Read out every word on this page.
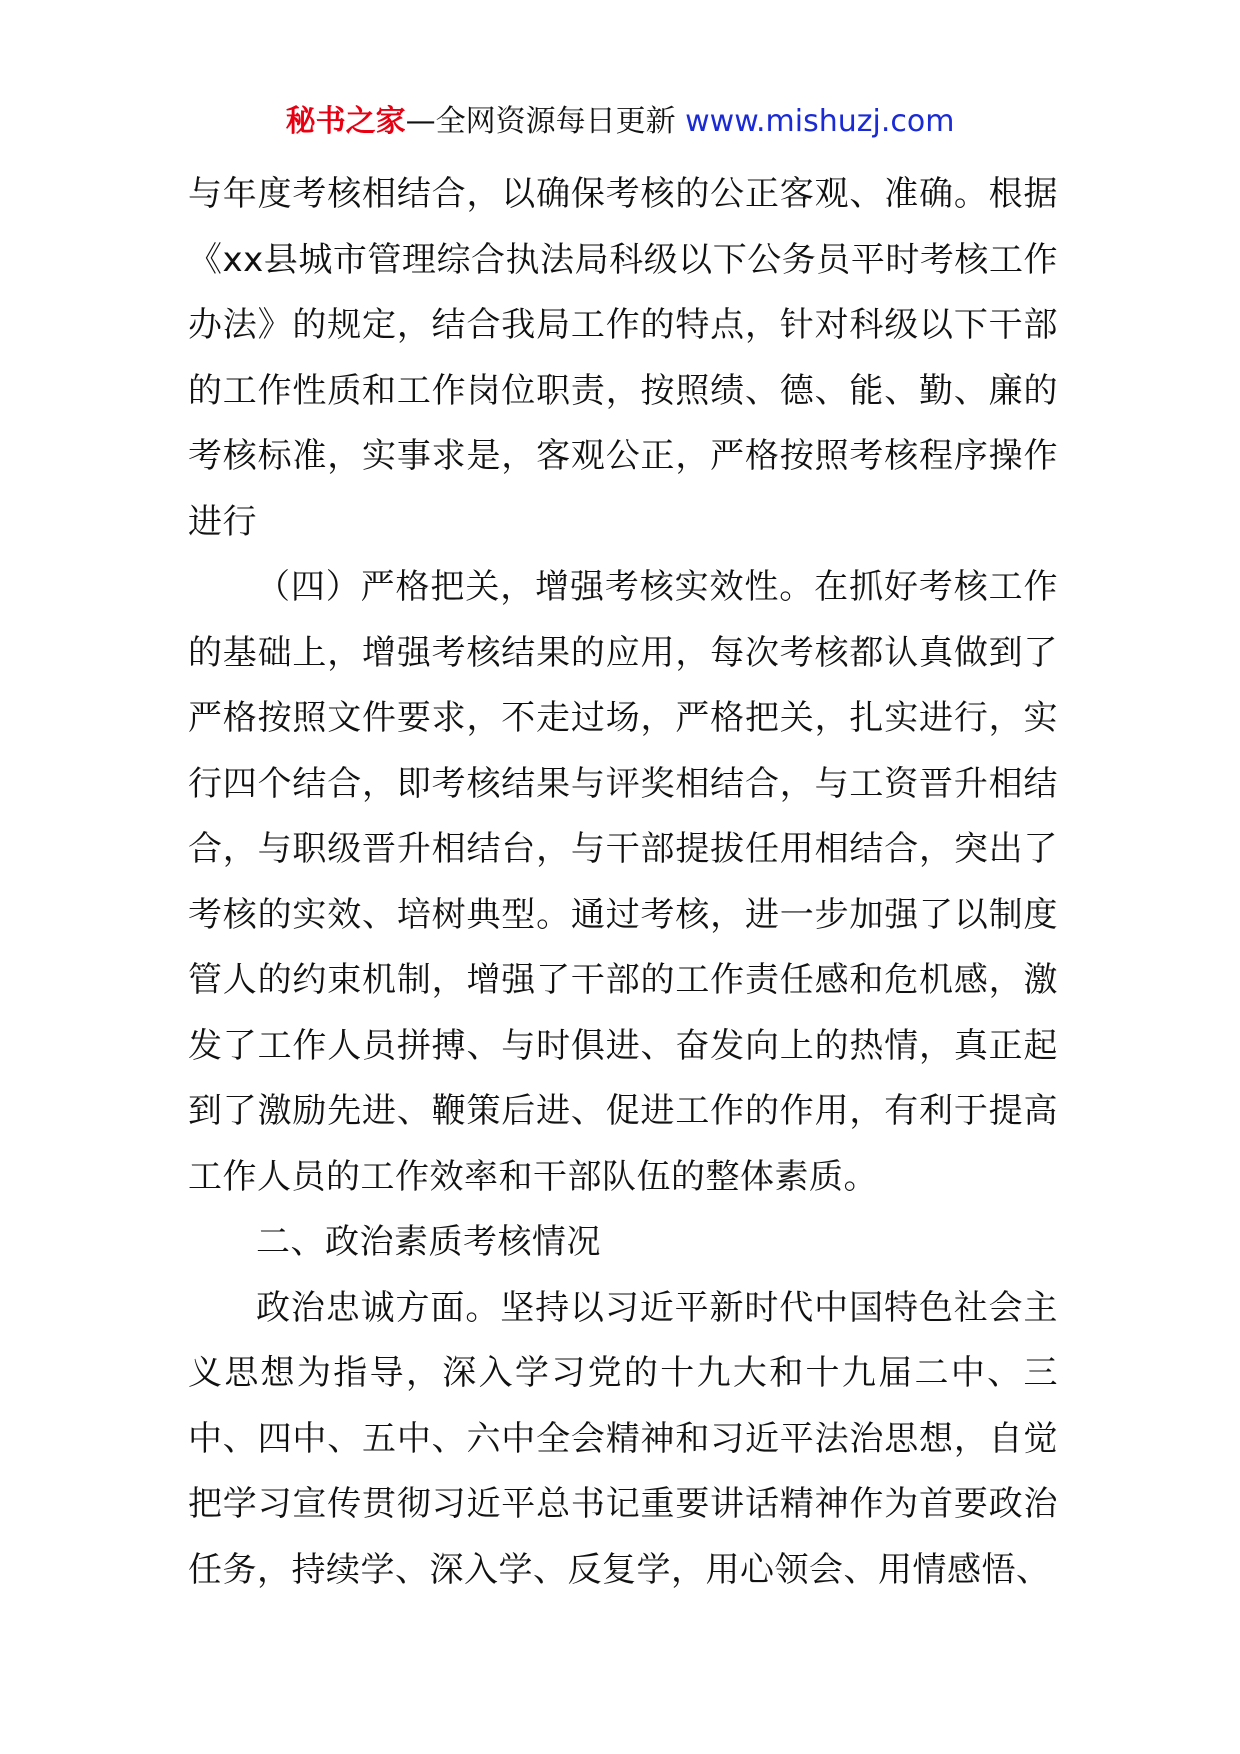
秘书之家—全网资源每日更新 www.mishuzj.com

与年度考核相结合，以确保考核的公正客观、准确。根据《xx县城市管理综合执法局科级以下公务员平时考核工作办法》的规定，结合我局工作的特点，针对科级以下干部的工作性质和工作岗位职责，按照绩、德、能、勤、廉的考核标准，实事求是，客观公正，严格按照考核程序操作进行

（四）严格把关，增强考核实效性。在抓好考核工作的基础上，增强考核结果的应用，每次考核都认真做到了严格按照文件要求，不走过场，严格把关，扎实进行，实行四个结合，即考核结果与评奖相结合，与工资晋升相结合，与职级晋升相结台，与干部提拔任用相结合，突出了考核的实效、培树典型。通过考核，进一步加强了以制度管人的约束机制，增强了干部的工作责任感和危机感，激发了工作人员拼搏、与时俱进、奋发向上的热情，真正起到了激励先进、鞭策后进、促进工作的作用，有利于提高工作人员的工作效率和干部队伍的整体素质。

二、政治素质考核情况

政治忠诚方面。坚持以习近平新时代中国特色社会主义思想为指导，深入学习党的十九大和十九届二中、三中、四中、五中、六中全会精神和习近平法治思想，自觉把学习宣传贯彻习近平总书记重要讲话精神作为首要政治任务，持续学、深入学、反复学，用心领会、用情感悟、
